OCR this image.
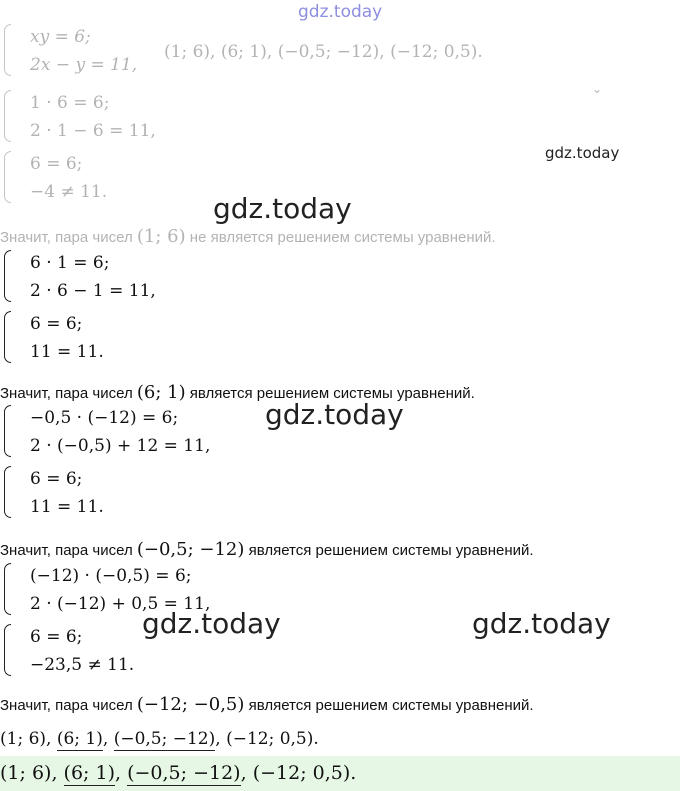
gdz.today
xy = 6;
2x − y = 11,
(1; 6), (6; 1), (−0,5; −12), (−12; 0,5).
⌄
1 · 6 = 6;
2 · 1 − 6 = 11,
6 = 6;
−4 ≠ 11.
gdz.today
gdz.today
Значит, пара чисел (1; 6) не является решением системы уравнений.
6 · 1 = 6;
2 · 6 − 1 = 11,
6 = 6;
11 = 11.
Значит, пара чисел (6; 1) является решением системы уравнений.
−0,5 · (−12) = 6;
2 · (−0,5) + 12 = 11,
gdz.today
6 = 6;
11 = 11.
Значит, пара чисел (−0,5; −12) является решением системы уравнений.
(−12) · (−0,5) = 6;
2 · (−12) + 0,5 = 11,
6 = 6;
−23,5 ≠ 11.
gdz.today	gdz.today
Значит, пара чисел (−12; −0,5) является решением системы уравнений.
(1; 6), (6; 1), (−0,5; −12), (−12; 0,5).
(1; 6), (6; 1), (−0,5; −12), (−12; 0,5).
